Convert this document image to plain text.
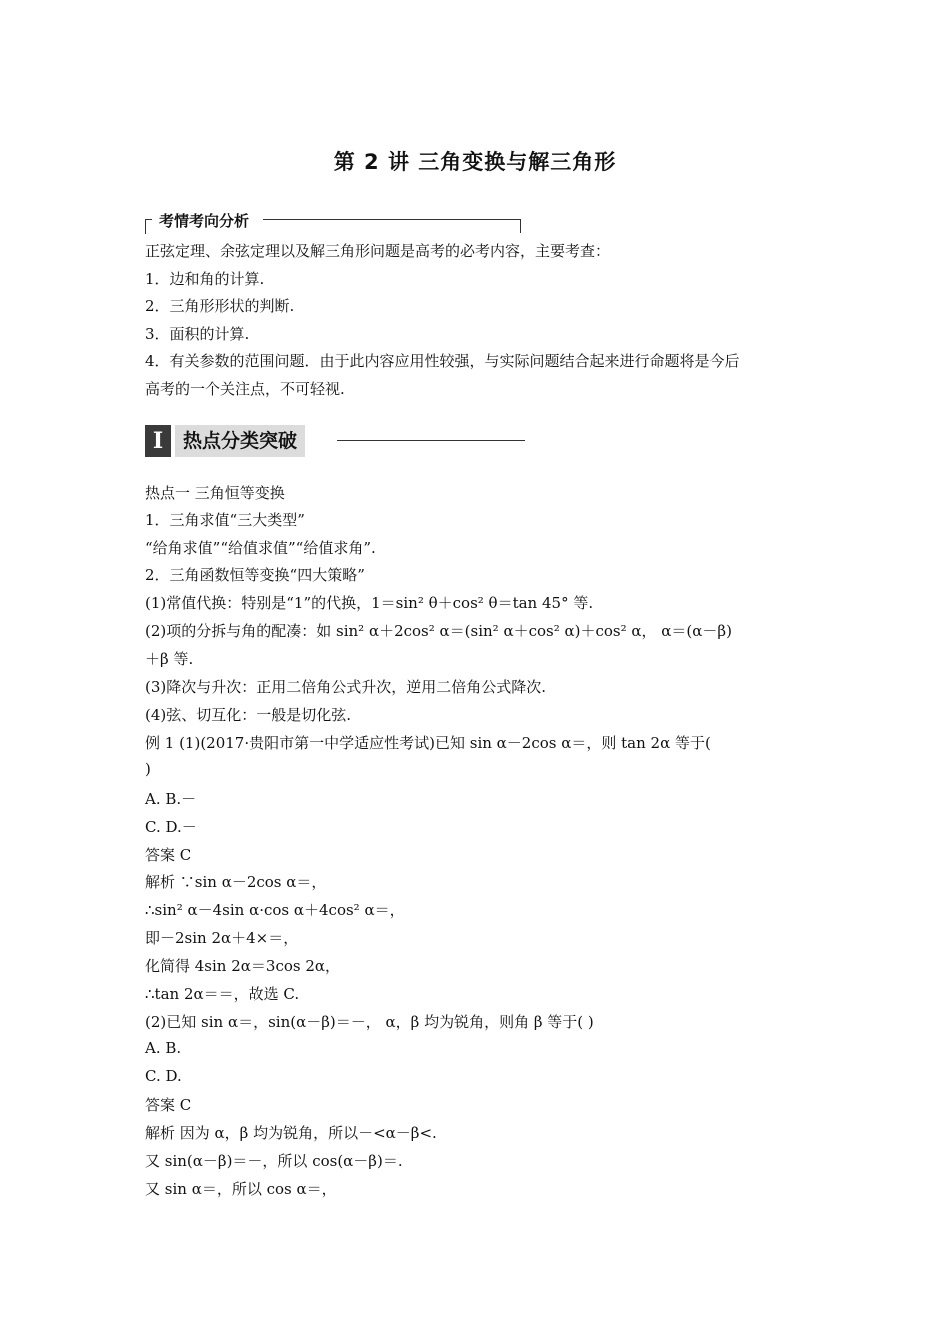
第 2 讲 三角变换与解三角形
考情考向分析
正弦定理、余弦定理以及解三角形问题是高考的必考内容，主要考查：
1．边和角的计算.
2．三角形形状的判断.
3．面积的计算.
4．有关参数的范围问题．由于此内容应用性较强，与实际问题结合起来进行命题将是今后
高考的一个关注点，不可轻视.
I	热点分类突破
热点一 三角恒等变换
1．三角求值“三大类型”
“给角求值”“给值求值”“给值求角”.
2．三角函数恒等变换“四大策略”
(1)常值代换：特别是“1”的代换，1＝sin² θ＋cos² θ＝tan 45° 等.
(2)项的分拆与角的配凑：如 sin² α＋2cos² α＝(sin² α＋cos² α)＋cos² α， α＝(α－β)
＋β 等.
(3)降次与升次：正用二倍角公式升次，逆用二倍角公式降次.
(4)弦、切互化：一般是切化弦.
例 1 (1)(2017·贵阳市第一中学适应性考试)已知 sin α－2cos α＝，则 tan 2α 等于(
)
A. B.－
C. D.－
答案 C
解析 ∵sin α－2cos α＝，
∴sin² α－4sin α·cos α＋4cos² α＝，
即－2sin 2α＋4×＝，
化简得 4sin 2α＝3cos 2α，
∴tan 2α＝＝，故选 C.
(2)已知 sin α＝，sin(α－β)＝－， α，β 均为锐角，则角 β 等于( )
A. B.
C. D.
答案 C
解析 因为 α，β 均为锐角，所以－<α－β<.
又 sin(α－β)＝－，所以 cos(α－β)＝.
又 sin α＝，所以 cos α＝，
